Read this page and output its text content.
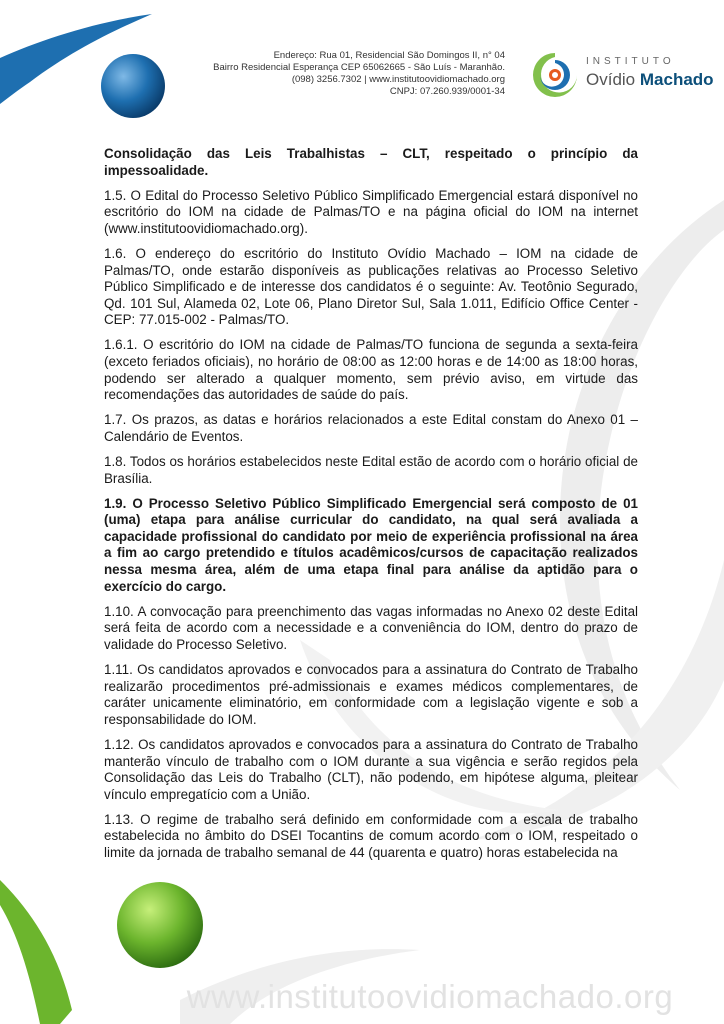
Endereço: Rua 01, Residencial São Domingos II, n° 04
Bairro Residencial Esperança CEP 65062665 - São Luís - Maranhão.
(098) 3256.7302 | www.institutoovidiomachado.org
CNPJ: 07.260.939/0001-34
INSTITUTO
Ovídio Machado

Consolidação das Leis Trabalhistas – CLT, respeitado o princípio da impessoalidade.

1.5. O Edital do Processo Seletivo Público Simplificado Emergencial estará disponível no escritório do IOM na cidade de Palmas/TO e na página oficial do IOM na internet (www.institutoovidiomachado.org).

1.6. O endereço do escritório do Instituto Ovídio Machado – IOM na cidade de Palmas/TO, onde estarão disponíveis as publicações relativas ao Processo Seletivo Público Simplificado e de interesse dos candidatos é o seguinte: Av. Teotônio Segurado, Qd. 101 Sul, Alameda 02, Lote 06, Plano Diretor Sul, Sala 1.011, Edifício Office Center - CEP: 77.015-002 - Palmas/TO.

1.6.1. O escritório do IOM na cidade de Palmas/TO funciona de segunda a sexta-feira (exceto feriados oficiais), no horário de 08:00 as 12:00 horas e de 14:00 as 18:00 horas, podendo ser alterado a qualquer momento, sem prévio aviso, em virtude das recomendações das autoridades de saúde do país.

1.7. Os prazos, as datas e horários relacionados a este Edital constam do Anexo 01 – Calendário de Eventos.

1.8. Todos os horários estabelecidos neste Edital estão de acordo com o horário oficial de Brasília.

1.9. O Processo Seletivo Público Simplificado Emergencial será composto de 01 (uma) etapa para análise curricular do candidato, na qual será avaliada a capacidade profissional do candidato por meio de experiência profissional na área a fim ao cargo pretendido e títulos acadêmicos/cursos de capacitação realizados nessa mesma área, além de uma etapa final para análise da aptidão para o exercício do cargo.

1.10. A convocação para preenchimento das vagas informadas no Anexo 02 deste Edital será feita de acordo com a necessidade e a conveniência do IOM, dentro do prazo de validade do Processo Seletivo.

1.11. Os candidatos aprovados e convocados para a assinatura do Contrato de Trabalho realizarão procedimentos pré-admissionais e exames médicos complementares, de caráter unicamente eliminatório, em conformidade com a legislação vigente e sob a responsabilidade do IOM.

1.12. Os candidatos aprovados e convocados para a assinatura do Contrato de Trabalho manterão vínculo de trabalho com o IOM durante a sua vigência e serão regidos pela Consolidação das Leis do Trabalho (CLT), não podendo, em hipótese alguma, pleitear vínculo empregatício com a União.

1.13. O regime de trabalho será definido em conformidade com a escala de trabalho estabelecida no âmbito do DSEI Tocantins de comum acordo com o IOM, respeitado o limite da jornada de trabalho semanal de 44 (quarenta e quatro) horas estabelecida na

www.institutoovidiomachado.org
